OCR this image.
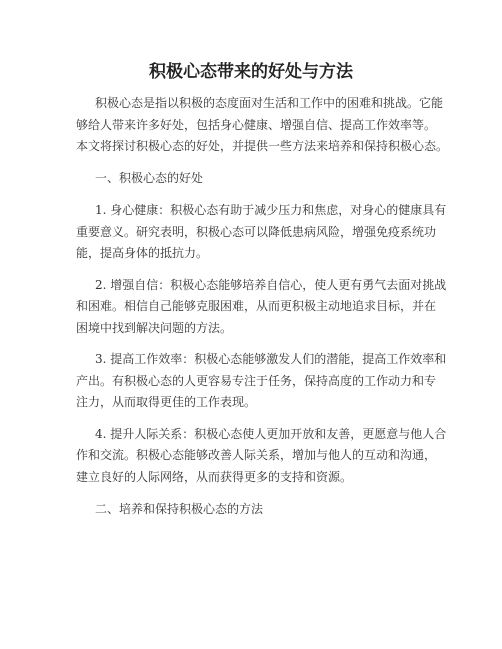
积极心态带来的好处与方法

积极心态是指以积极的态度面对生活和工作中的困难和挑战。它能

够给人带来许多好处，包括身心健康、增强自信、提高工作效率等。

本文将探讨积极心态的好处，并提供一些方法来培养和保持积极心态。

一、积极心态的好处

1. 身心健康：积极心态有助于减少压力和焦虑，对身心的健康具有

重要意义。研究表明，积极心态可以降低患病风险，增强免疫系统功

能，提高身体的抵抗力。

2. 增强自信：积极心态能够培养自信心，使人更有勇气去面对挑战

和困难。相信自己能够克服困难，从而更积极主动地追求目标，并在

困境中找到解决问题的方法。

3. 提高工作效率：积极心态能够激发人们的潜能，提高工作效率和

产出。有积极心态的人更容易专注于任务，保持高度的工作动力和专

注力，从而取得更佳的工作表现。

4. 提升人际关系：积极心态使人更加开放和友善，更愿意与他人合

作和交流。积极心态能够改善人际关系，增加与他人的互动和沟通，

建立良好的人际网络，从而获得更多的支持和资源。

二、培养和保持积极心态的方法
